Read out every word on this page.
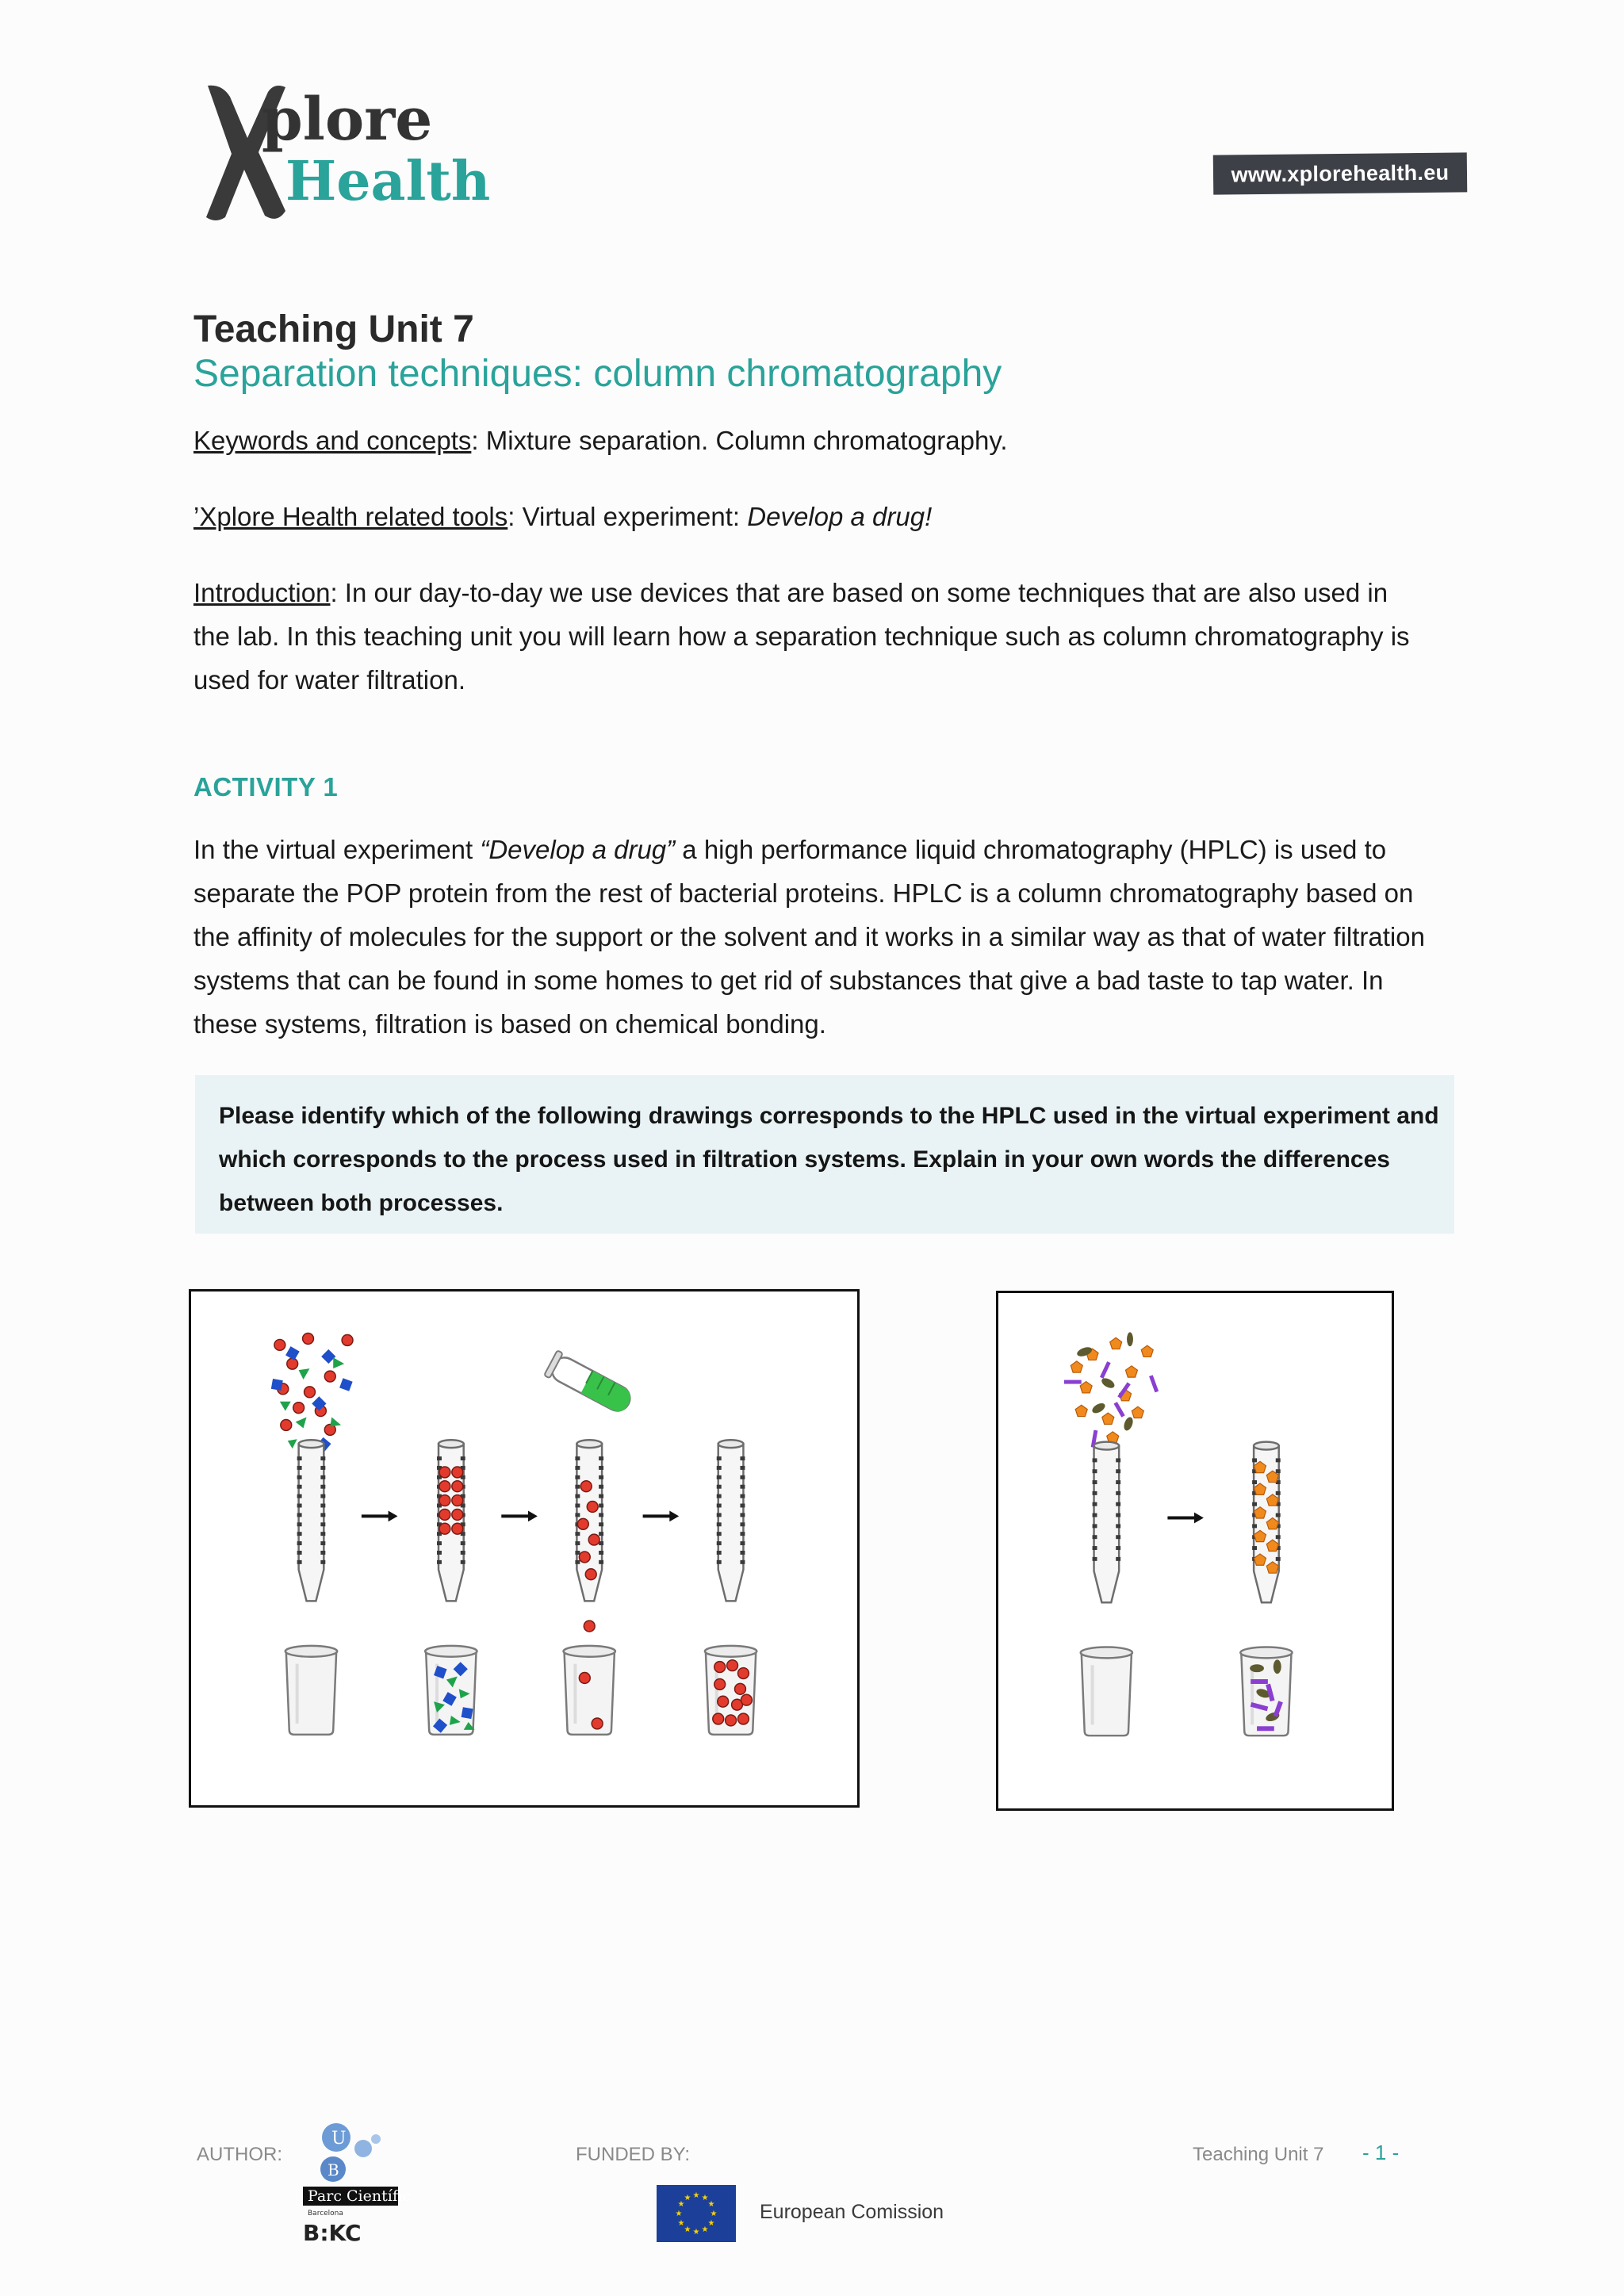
plore
Health	www.xplorehealth.eu
Teaching Unit 7
Separation techniques: column chromatography
Keywords and concepts: Mixture separation. Column chromatography.
’Xplore Health related tools: Virtual experiment: Develop a drug!
Introduction: In our day-to-day we use devices that are based on some techniques that are also used in the lab. In this teaching unit you will learn how a separation technique such as column chromatography is used for water filtration.
ACTIVITY 1
In the virtual experiment “Develop a drug” a high performance liquid chromatography (HPLC) is used to separate the POP protein from the rest of bacterial proteins. HPLC is a column chromatography based on the affinity of molecules for the support or the solvent and it works in a similar way as that of water filtration systems that can be found in some homes to get rid of substances that give a bad taste to tap water. In these systems, filtration is based on chemical bonding.
Please identify which of the following drawings corresponds to the HPLC used in the virtual experiment and which corresponds to the process used in filtration systems. Explain in your own words the differences between both processes.
AUTHOR:
U
B
Parc Científic
Barcelona
B:KC
FUNDED BY:
★ ★
★
★
★
★
★
★
★
★
★
★
European Comission
Teaching Unit 7 - 1 -
